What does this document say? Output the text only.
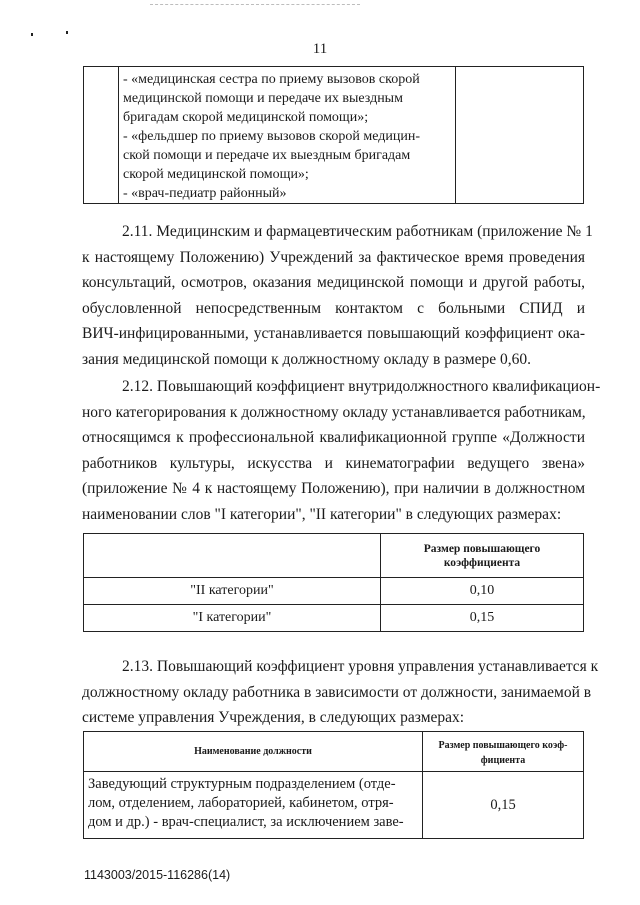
11

- «медицинская сестра по приему вызовов скорой
медицинской помощи и передаче их выездным
бригадам скорой медицинской помощи»;
- «фельдшер по приему вызовов скорой медицин-
ской помощи и передаче их выездным бригадам
скорой медицинской помощи»;
- «врач-педиатр районный»

2.11. Медицинским и фармацевтическим работникам (приложение № 1
к настоящему Положению) Учреждений за фактическое время проведения
консультаций, осмотров, оказания медицинской помощи и другой работы,
обусловленной непосредственным контактом с больными СПИД и
ВИЧ-инфицированными, устанавливается повышающий коэффициент ока-
зания медицинской помощи к должностному окладу в размере 0,60.
2.12. Повышающий коэффициент внутридолжностного квалификацион-
ного категорирования к должностному окладу устанавливается работникам,
относящимся к профессиональной квалификационной группе «Должности
работников культуры, искусства и кинематографии ведущего звена»
(приложение № 4 к настоящему Положению), при наличии в должностном
наименовании слов "I категории", "II категории" в следующих размерах:

	Размер повышающего
коэффициента

"II категории"	0,10
"I категории"	0,15
2.13. Повышающий коэффициент уровня управления устанавливается к
должностному окладу работника в зависимости от должности, занимаемой в
системе управления Учреждения, в следующих размерах:
Наименование должности	Размер повышающего коэф-
фициента

Заведующий структурным подразделением (отде-
лом, отделением, лабораторией, кабинетом, отря-
дом и др.) - врач-специалист, за исключением заве-	0,15
1143003/2015-116286(14)
